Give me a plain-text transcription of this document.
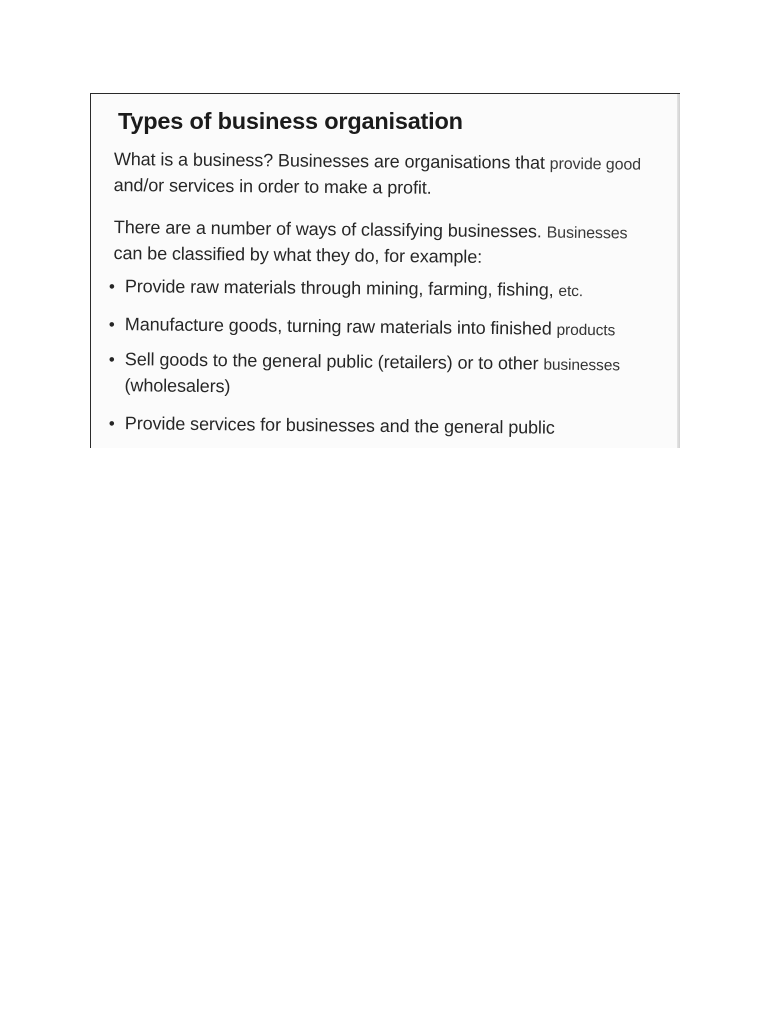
Types of business organisation
What is a business? Businesses are organisations that provide good
and/or services in order to make a profit.
There are a number of ways of classifying businesses. Businesses
can be classified by what they do, for example:
• Provide raw materials through mining, farming, fishing, etc.
• Manufacture goods, turning raw materials into finished products
• Sell goods to the general public (retailers) or to other businesses
(wholesalers)
• Provide services for businesses and the general public
